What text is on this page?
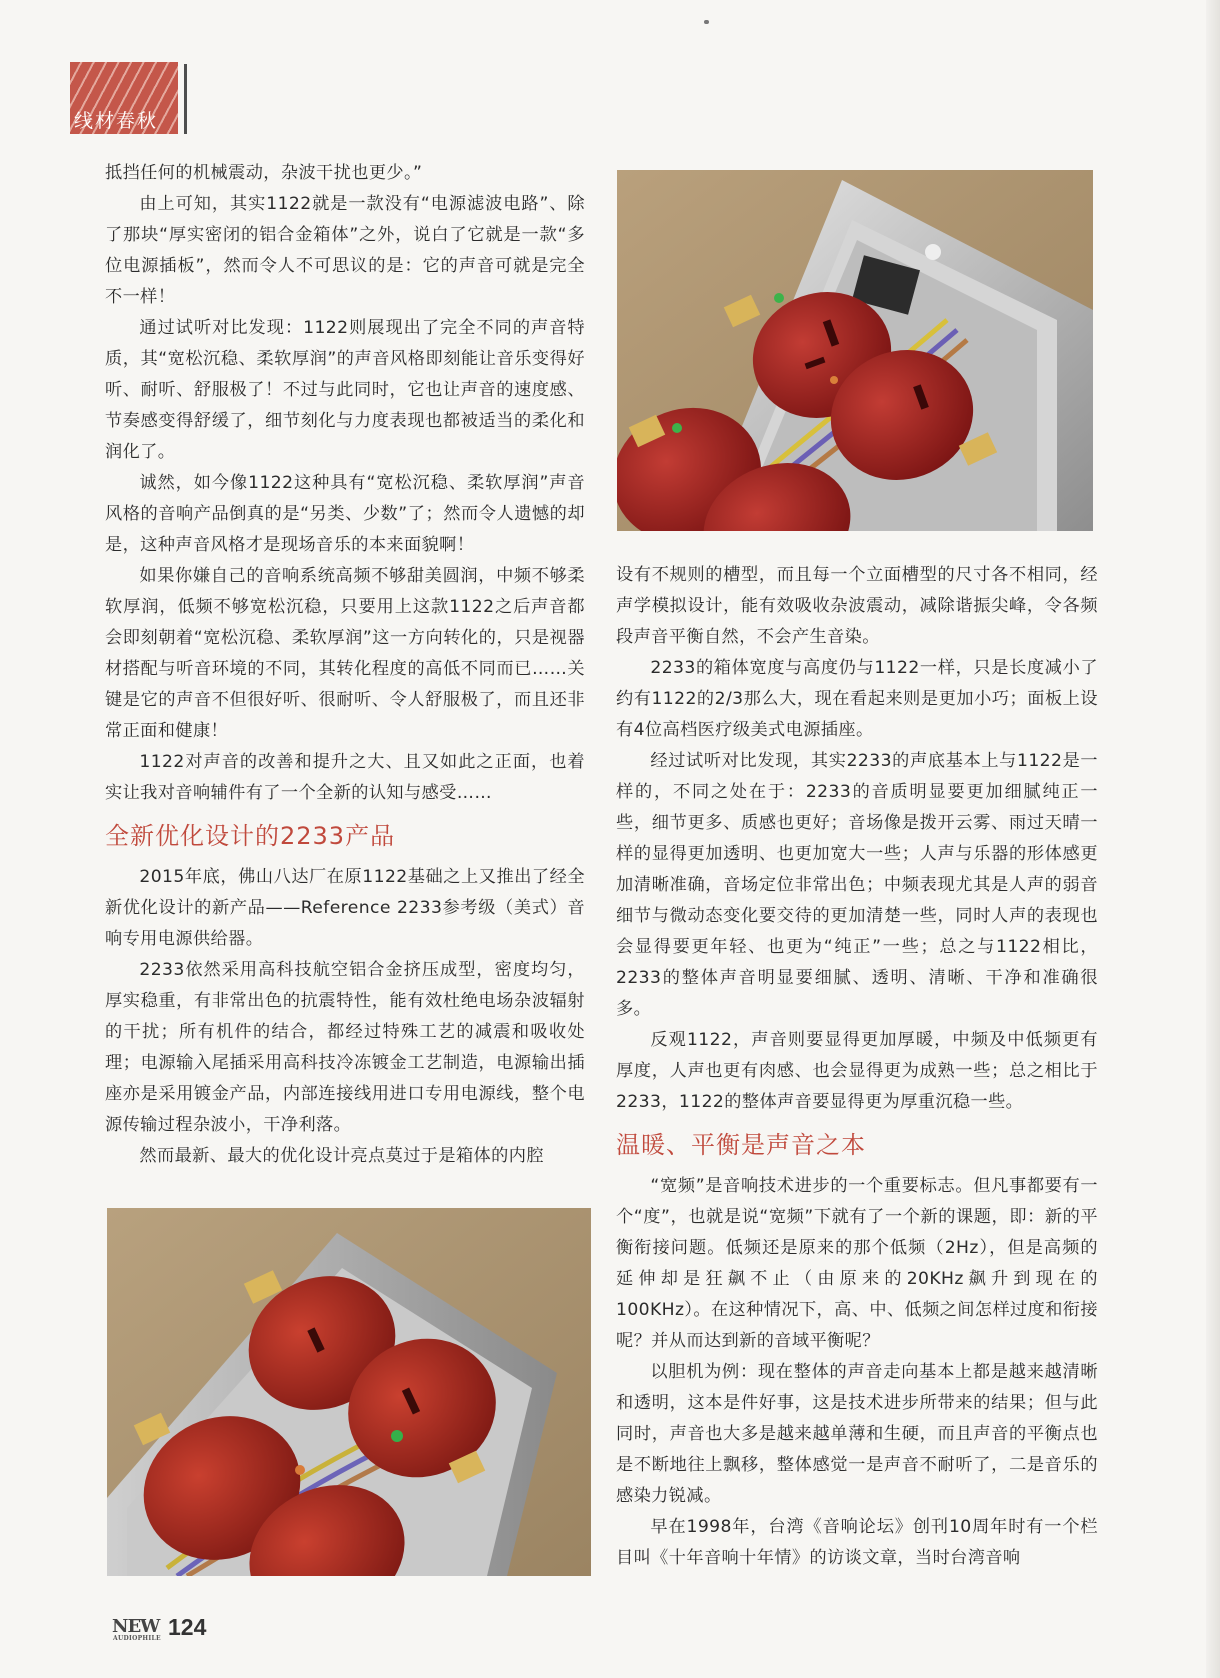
线材春秋

抵挡任何的机械震动，杂波干扰也更少。”

由上可知，其实1122就是一款没有“电源滤波电路”、除了那块“厚实密闭的铝合金箱体”之外，说白了它就是一款“多位电源插板”，然而令人不可思议的是：它的声音可就是完全不一样！

通过试听对比发现：1122则展现出了完全不同的声音特质，其“宽松沉稳、柔软厚润”的声音风格即刻能让音乐变得好听、耐听、舒服极了！不过与此同时，它也让声音的速度感、节奏感变得舒缓了，细节刻化与力度表现也都被适当的柔化和润化了。

诚然，如今像1122这种具有“宽松沉稳、柔软厚润”声音风格的音响产品倒真的是“另类、少数”了；然而令人遗憾的却是，这种声音风格才是现场音乐的本来面貌啊！

如果你嫌自己的音响系统高频不够甜美圆润，中频不够柔软厚润，低频不够宽松沉稳，只要用上这款1122之后声音都会即刻朝着“宽松沉稳、柔软厚润”这一方向转化的，只是视器材搭配与听音环境的不同，其转化程度的高低不同而已……关键是它的声音不但很好听、很耐听、令人舒服极了，而且还非常正面和健康！

1122对声音的改善和提升之大、且又如此之正面，也着实让我对音响辅件有了一个全新的认知与感受……

全新优化设计的2233产品

2015年底，佛山八达厂在原1122基础之上又推出了经全新优化设计的新产品——Reference 2233参考级（美式）音响专用电源供给器。

2233依然采用高科技航空铝合金挤压成型，密度均匀，厚实稳重，有非常出色的抗震特性，能有效杜绝电场杂波辐射的干扰；所有机件的结合，都经过特殊工艺的减震和吸收处理；电源输入尾插采用高科技冷冻镀金工艺制造，电源输出插座亦是采用镀金产品，内部连接线用进口专用电源线，整个电源传输过程杂波小，干净利落。

然而最新、最大的优化设计亮点莫过于是箱体的内腔

设有不规则的槽型，而且每一个立面槽型的尺寸各不相同，经声学模拟设计，能有效吸收杂波震动，减除谐振尖峰，令各频段声音平衡自然，不会产生音染。

2233的箱体宽度与高度仍与1122一样，只是长度减小了约有1122的2/3那么大，现在看起来则是更加小巧；面板上设有4位高档医疗级美式电源插座。

经过试听对比发现，其实2233的声底基本上与1122是一样的，不同之处在于：2233的音质明显要更加细腻纯正一些，细节更多、质感也更好；音场像是拨开云雾、雨过天晴一样的显得更加透明、也更加宽大一些；人声与乐器的形体感更加清晰准确，音场定位非常出色；中频表现尤其是人声的弱音细节与微动态变化要交待的更加清楚一些，同时人声的表现也会显得要更年轻、也更为“纯正”一些；总之与1122相比，2233的整体声音明显要细腻、透明、清晰、干净和准确很多。

反观1122，声音则要显得更加厚暖，中频及中低频更有厚度，人声也更有肉感、也会显得更为成熟一些；总之相比于2233，1122的整体声音要显得更为厚重沉稳一些。

温暖、平衡是声音之本

“宽频”是音响技术进步的一个重要标志。但凡事都要有一个“度”，也就是说“宽频”下就有了一个新的课题，即：新的平衡衔接问题。低频还是原来的那个低频（2Hz），但是高频的延伸却是狂飙不止（由原来的20KHz飙升到现在的100KHz）。在这种情况下，高、中、低频之间怎样过度和衔接呢？并从而达到新的音域平衡呢？

以胆机为例：现在整体的声音走向基本上都是越来越清晰和透明，这本是件好事，这是技术进步所带来的结果；但与此同时，声音也大多是越来越单薄和生硬，而且声音的平衡点也是不断地往上飘移，整体感觉一是声音不耐听了，二是音乐的感染力锐减。

早在1998年，台湾《音响论坛》创刊10周年时有一个栏目叫《十年音响十年情》的访谈文章，当时台湾音响

NEW
AUDIOPHILE 124
